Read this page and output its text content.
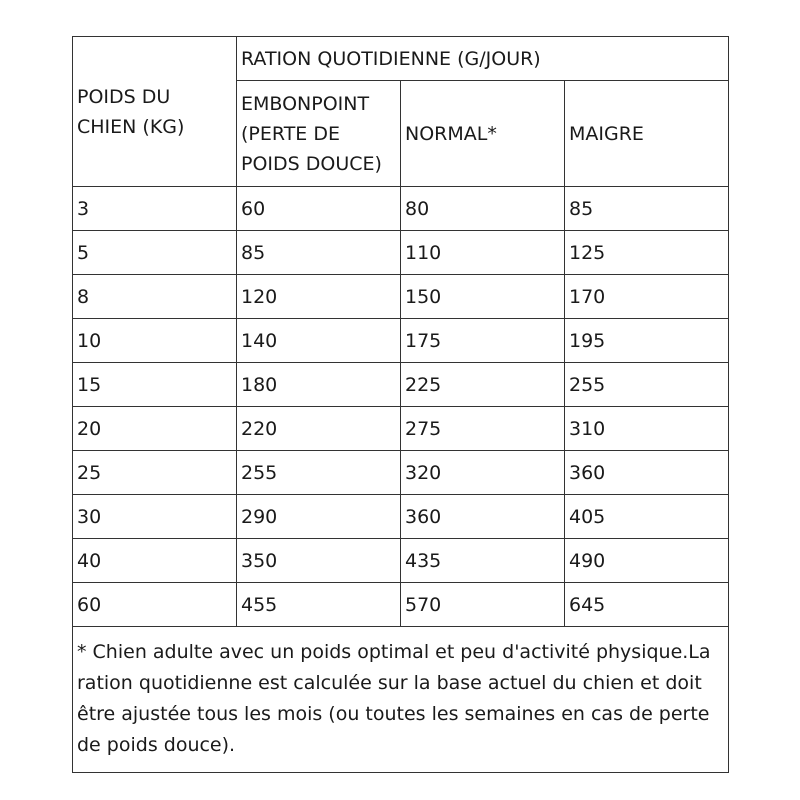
POIDS DU CHIEN (KG)	RATION QUOTIDIENNE (G/JOUR)		
	EMBONPOINT (PERTE DE POIDS DOUCE)	NORMAL*	MAIGRE
3	60	80	85
5	85	110	125
8	120	150	170
10	140	175	195
15	180	225	255
20	220	275	310
25	255	320	360
30	290	360	405
40	350	435	490
60	455	570	645
* Chien adulte avec un poids optimal et peu d'activité physique.La ration quotidienne est calculée sur la base actuel du chien et doit être ajustée tous les mois (ou toutes les semaines en cas de perte de poids douce).			
